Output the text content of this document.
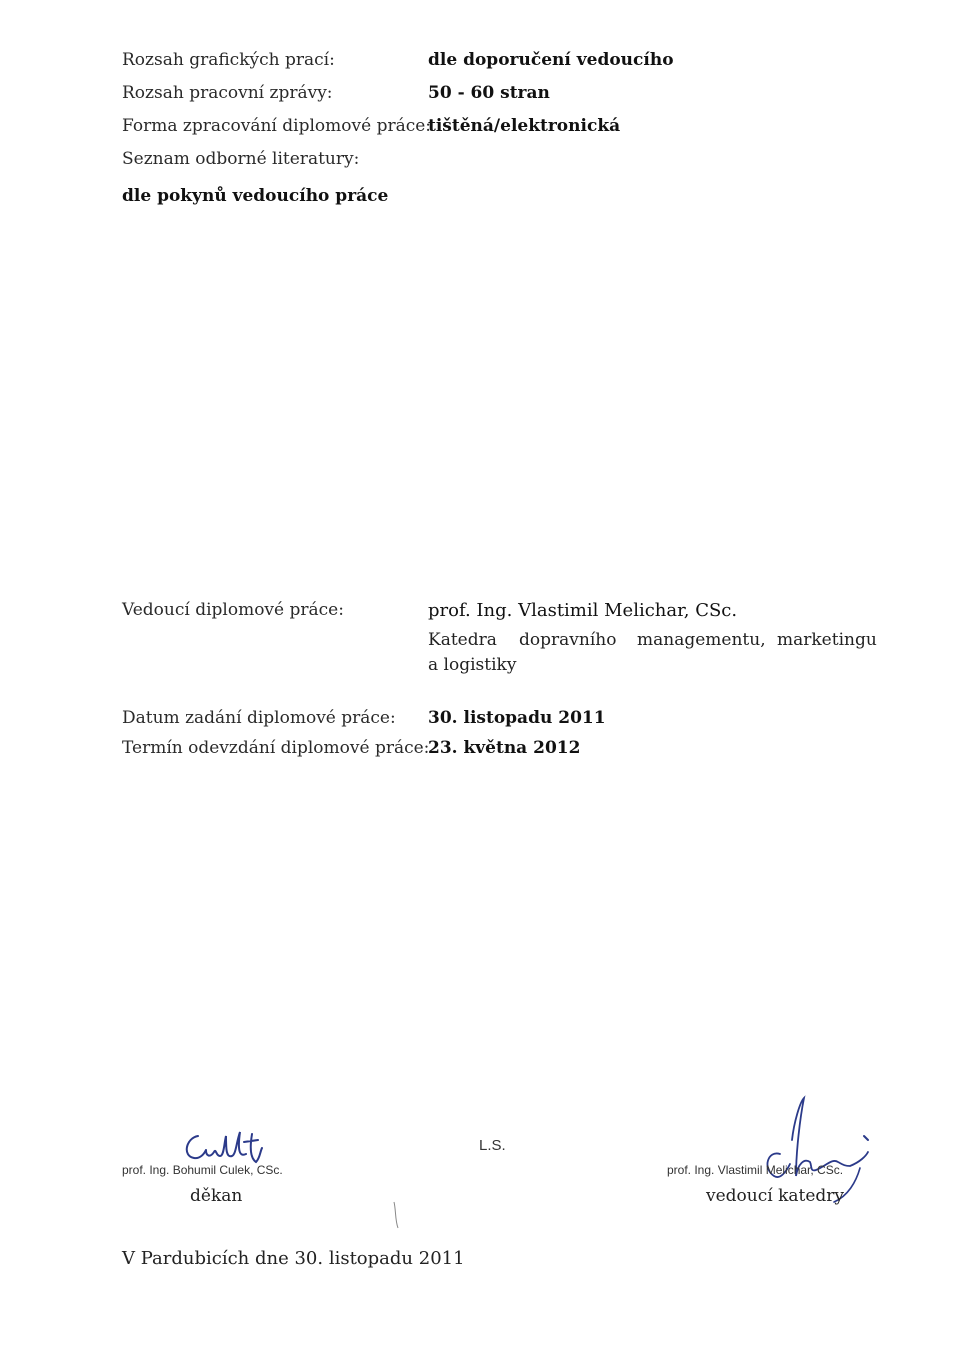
Rozsah grafických prací:	dle doporučení vedoucího
Rozsah pracovní zprávy:	50 - 60 stran
Forma zpracování diplomové práce:
tištěná/elektronická
Seznam odborné literatury:
dle pokynů vedoucího práce
Vedoucí diplomové práce:	prof. Ing. Vlastimil Melichar, CSc.
Katedra dopravního managementu, marketingu
a logistiky
Datum zadání diplomové práce: 30. listopadu 2011
Termín odevzdání diplomové práce:
23. května 2012
prof. Ing. Bohumil Culek, CSc.
děkan
L.S.
prof. Ing. Vlastimil Melichar, CSc.
vedoucí katedry
V Pardubicích dne 30. listopadu 2011
